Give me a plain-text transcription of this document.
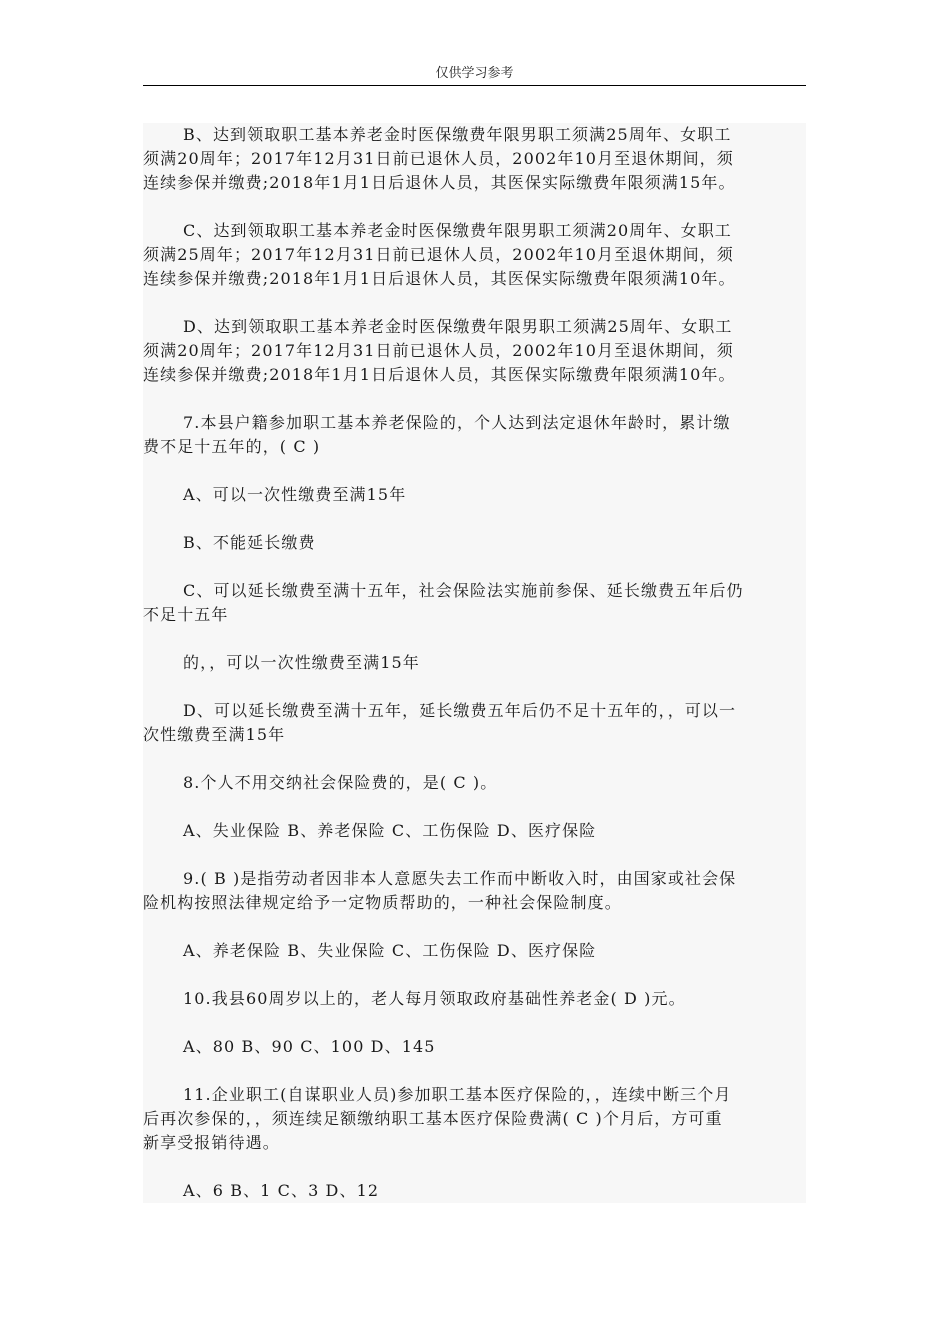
仅供学习参考

B、达到领取职工基本养老金时医保缴费年限男职工须满25周年、女职工
须满20周年；2017年12月31日前已退休人员，2002年10月至退休期间，须
连续参保并缴费;2018年1月1日后退休人员，其医保实际缴费年限须满15年。

C、达到领取职工基本养老金时医保缴费年限男职工须满20周年、女职工
须满25周年；2017年12月31日前已退休人员，2002年10月至退休期间，须
连续参保并缴费;2018年1月1日后退休人员，其医保实际缴费年限须满10年。

D、达到领取职工基本养老金时医保缴费年限男职工须满25周年、女职工
须满20周年；2017年12月31日前已退休人员，2002年10月至退休期间，须
连续参保并缴费;2018年1月1日后退休人员，其医保实际缴费年限须满10年。

7.本县户籍参加职工基本养老保险的，个人达到法定退休年龄时，累计缴
费不足十五年的，( C )

A、可以一次性缴费至满15年

B、不能延长缴费

C、可以延长缴费至满十五年，社会保险法实施前参保、延长缴费五年后仍
不足十五年

的，，可以一次性缴费至满15年

D、可以延长缴费至满十五年，延长缴费五年后仍不足十五年的，，可以一
次性缴费至满15年

8.个人不用交纳社会保险费的，是( C )。

A、失业保险 B、养老保险 C、工伤保险 D、医疗保险

9.( B )是指劳动者因非本人意愿失去工作而中断收入时，由国家或社会保
险机构按照法律规定给予一定物质帮助的，一种社会保险制度。

A、养老保险 B、失业保险 C、工伤保险 D、医疗保险

10.我县60周岁以上的，老人每月领取政府基础性养老金( D )元。

A、80 B、90 C、100 D、145

11.企业职工(自谋职业人员)参加职工基本医疗保险的，，连续中断三个月
后再次参保的，，须连续足额缴纳职工基本医疗保险费满( C )个月后，方可重
新享受报销待遇。

A、6 B、1 C、3 D、12
